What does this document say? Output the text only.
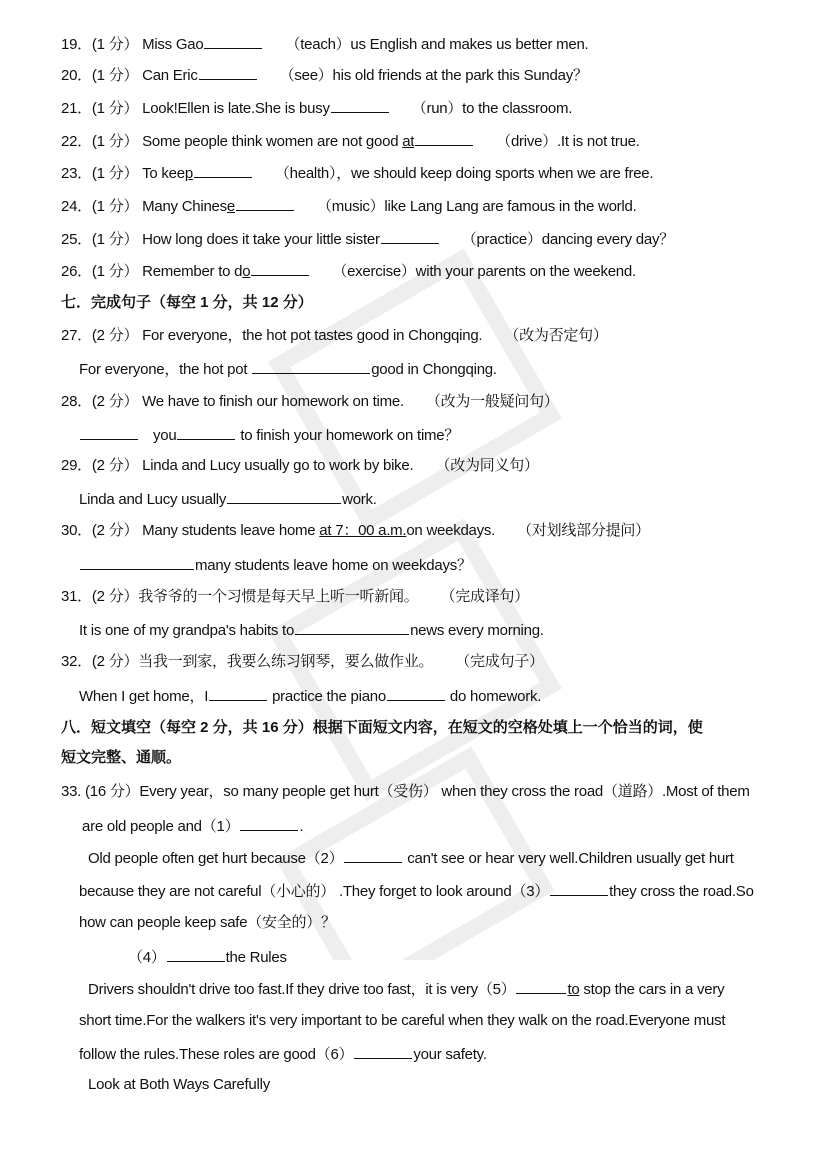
19．(1 分） Miss Gao	（teach）us English and makes us better men.
20．(1 分） Can Eric	（see）his old friends at the park this Sunday？
21．(1 分） Look!Ellen is late.She is busy	（run）to the classroom.
22．(1 分） Some people think women are not good at	（drive）.It is not true.
23．(1 分） To keep	（health），we should keep doing sports when we are free.
24．(1 分） Many Chinese	（music）like Lang Lang are famous in the world.
25．(1 分） How long does it take your little sister	（practice）dancing every day？
26．(1 分） Remember to do	（exercise）with your parents on the weekend.
七．完成句子（每空 1 分，共 12 分）
27．(2 分） For everyone，the hot pot tastes good in Chongqing. （改为否定句）
For everyone，the hot pot	good in Chongqing.
28．(2 分） We have to finish our homework on time. （改为一般疑问句）
you	to finish your homework on time？
29．(2 分） Linda and Lucy usually go to work by bike. （改为同义句）
Linda and Lucy usually	work.
30．(2 分） Many students leave home at 7：00 a.m.on weekdays. （对划线部分提问）
many students leave home on weekdays？
31．(2 分）我爷爷的一个习惯是每天早上听一听新闻。 （完成译句）
It is one of my grandpa's habits to	news every morning.
32．(2 分）当我一到家，我要么练习钢琴，要么做作业。 （完成句子）
When I get home，I	practice the piano	do homework.
八．短文填空（每空 2 分，共 16 分）根据下面短文内容，在短文的空格处填上一个恰当的词，使
短文完整、通顺。
33. (16 分）Every year，so many people get hurt（受伤） when they cross the road（道路）.Most of them
are old people and（1）	.
Old people often get hurt because（2）	can't see or hear very well.Children usually get hurt
because they are not careful（小心的） .They forget to look around（3）	they cross the road.So
how can people keep safe（安全的）？
（4）	the Rules
Drivers shouldn't drive too fast.If they drive too fast，it is very（5）	to stop the cars in a very
short time.For the walkers it's very important to be careful when they walk on the road.Everyone must
follow the rules.These roles are good（6）	your safety.
Look at Both Ways Carefully
